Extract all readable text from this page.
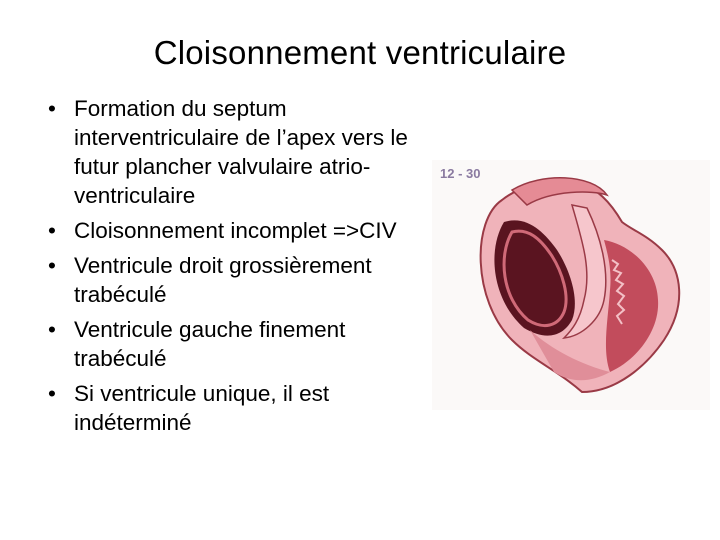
Cloisonnement ventriculaire
• Formation du septum interventriculaire de l’apex vers le futur plancher valvulaire atrio-ventriculaire
• Cloisonnement incomplet =>CIV
• Ventricule droit grossièrement trabéculé
• Ventricule gauche finement trabéculé
• Si ventricule unique, il est indéterminé
12 - 30
